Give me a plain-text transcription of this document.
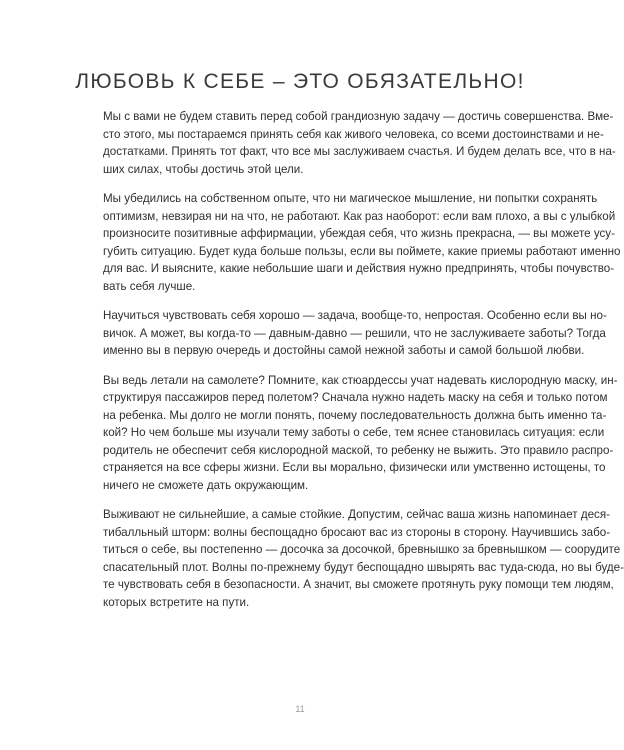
ЛЮБОВЬ К СЕБЕ – ЭТО ОБЯЗАТЕЛЬНО!

Мы с вами не будем ставить перед собой грандиозную задачу — достичь совершенства. Вме-
сто этого, мы постараемся принять себя как живого человека, со всеми достоинствами и не-
достатками. Принять тот факт, что все мы заслуживаем счастья. И будем делать все, что в на-
ших силах, чтобы достичь этой цели.

Мы убедились на собственном опыте, что ни магическое мышление, ни попытки сохранять
оптимизм, невзирая ни на что, не работают. Как раз наоборот: если вам плохо, а вы с улыбкой
произносите позитивные аффирмации, убеждая себя, что жизнь прекрасна, — вы можете усу-
губить ситуацию. Будет куда больше пользы, если вы поймете, какие приемы работают именно
для вас. И выясните, какие небольшие шаги и действия нужно предпринять, чтобы почувство-
вать себя лучше.

Научиться чувствовать себя хорошо — задача, вообще-то, непростая. Особенно если вы но-
вичок. А может, вы когда-то — давным-давно — решили, что не заслуживаете заботы? Тогда
именно вы в первую очередь и достойны самой нежной заботы и самой большой любви.

Вы ведь летали на самолете? Помните, как стюардессы учат надевать кислородную маску, ин-
структируя пассажиров перед полетом? Сначала нужно надеть маску на себя и только потом
на ребенка. Мы долго не могли понять, почему последовательность должна быть именно та-
кой? Но чем больше мы изучали тему заботы о себе, тем яснее становилась ситуация: если
родитель не обеспечит себя кислородной маской, то ребенку не выжить. Это правило распро-
страняется на все сферы жизни. Если вы морально, физически или умственно истощены, то
ничего не сможете дать окружающим.

Выживают не сильнейшие, а самые стойкие. Допустим, сейчас ваша жизнь напоминает деся-
тибалльный шторм: волны беспощадно бросают вас из стороны в сторону. Научившись забо-
титься о себе, вы постепенно — досочка за досочкой, бревнышко за бревнышком — соорудите
спасательный плот. Волны по-прежнему будут беспощадно швырять вас туда-сюда, но вы буде-
те чувствовать себя в безопасности. А значит, вы сможете протянуть руку помощи тем людям,
которых встретите на пути.

11
